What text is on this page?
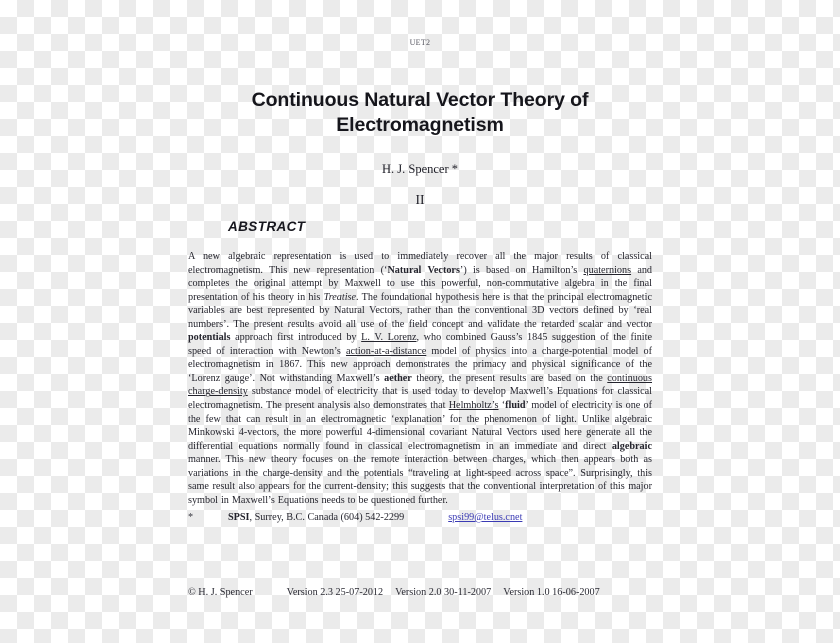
UET2
Continuous Natural Vector Theory of Electromagnetism
H. J. Spencer *
II
ABSTRACT

A new algebraic representation is used to immediately recover all the major results of classical electromagnetism. This new representation (‘Natural Vectors’) is based on Hamilton’s quaternions and completes the original attempt by Maxwell to use this powerful, non-commutative algebra in the final presentation of his theory in his Treatise. The foundational hypothesis here is that the principal electromagnetic variables are best represented by Natural Vectors, rather than the conventional 3D vectors defined by ‘real numbers’. The present results avoid all use of the field concept and validate the retarded scalar and vector potentials approach first introduced by L. V. Lorenz, who combined Gauss’s 1845 suggestion of the finite speed of interaction with Newton’s action-at-a-distance model of physics into a charge-potential model of electromagnetism in 1867. This new approach demonstrates the primacy and physical significance of the ‘Lorenz gauge’. Not withstanding Maxwell’s aether theory, the present results are based on the continuous charge-density substance model of electricity that is used today to develop Maxwell’s Equations for classical electromagnetism. The present analysis also demonstrates that Helmholtz’s ‘fluid’ model of electricity is one of the few that can result in an electromagnetic ‘explanation’ for the phenomenon of light. Unlike algebraic Minkowski 4-vectors, the more powerful 4-dimensional covariant Natural Vectors used here generate all the differential equations normally found in classical electromagnetism in an immediate and direct algebraic manner. This new theory focuses on the remote interaction between charges, which then appears both as variations in the charge-density and the potentials “traveling at light-speed across space”. Surprisingly, this same result also appears for the current-density; this suggests that the conventional interpretation of this major symbol in Maxwell’s Equations needs to be questioned further.

*	SPSI, Surrey, B.C. Canada (604) 542-2299	spsi99@telus.cnet
© H. J. Spencer	Version 2.3 25-07-2012 Version 2.0 30-11-2007 Version 1.0 16-06-2007
